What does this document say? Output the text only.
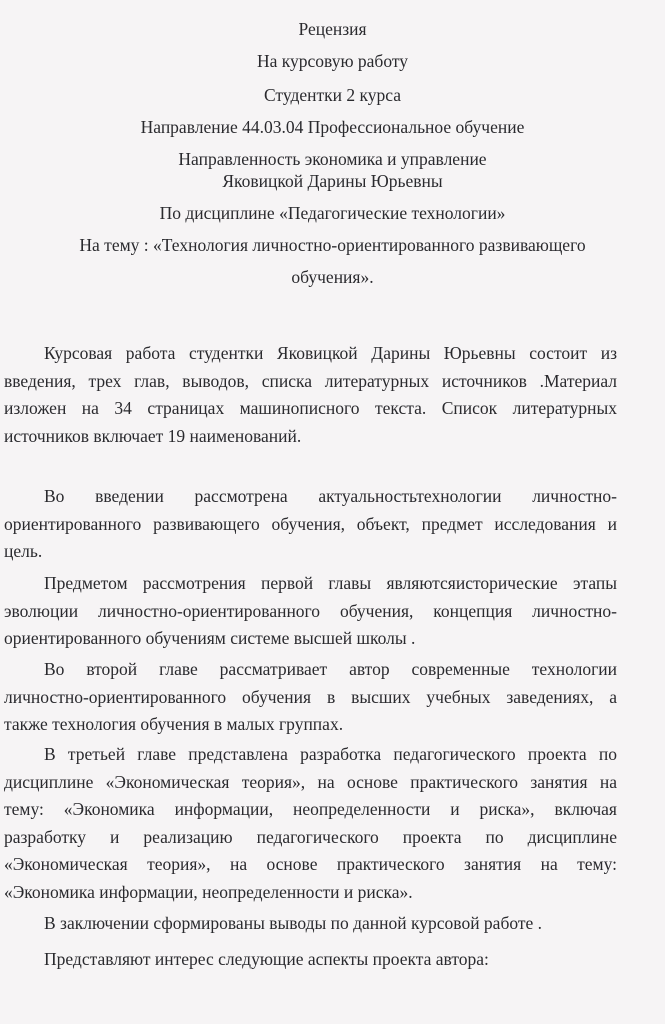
Рецензия
На курсовую работу
Студентки 2 курса
Направление 44.03.04 Профессиональное обучение
Направленность экономика и управление
Яковицкой Дарины Юрьевны
По дисциплине «Педагогические технологии»
На тему : «Технология личностно-ориентированного развивающего
обучения».
Курсовая работа студентки Яковицкой Дарины Юрьевны состоит из
введения, трех глав, выводов, списка литературных источников .Материал
изложен на 34 страницах машинописного текста. Список литературных
источников включает 19 наименований.
Во введении рассмотрена актуальностьтехнологии личностно-
ориентированного развивающего обучения, объект, предмет исследования и
цель.
Предметом рассмотрения первой главы являютсяисторические этапы
эволюции личностно-ориентированного обучения, концепция личностно-
ориентированного обучениям системе высшей школы .
Во второй главе рассматривает автор современные технологии
личностно-ориентированного обучения в высших учебных заведениях, а
также технология обучения в малых группах.
В третьей главе представлена разработка педагогического проекта по
дисциплине «Экономическая теория», на основе практического занятия на
тему: «Экономика информации, неопределенности и риска», включая
разработку и реализацию педагогического проекта по дисциплине
«Экономическая теория», на основе практического занятия на тему:
«Экономика информации, неопределенности и риска».
В заключении сформированы выводы по данной курсовой работе .
Представляют интерес следующие аспекты проекта автора:
